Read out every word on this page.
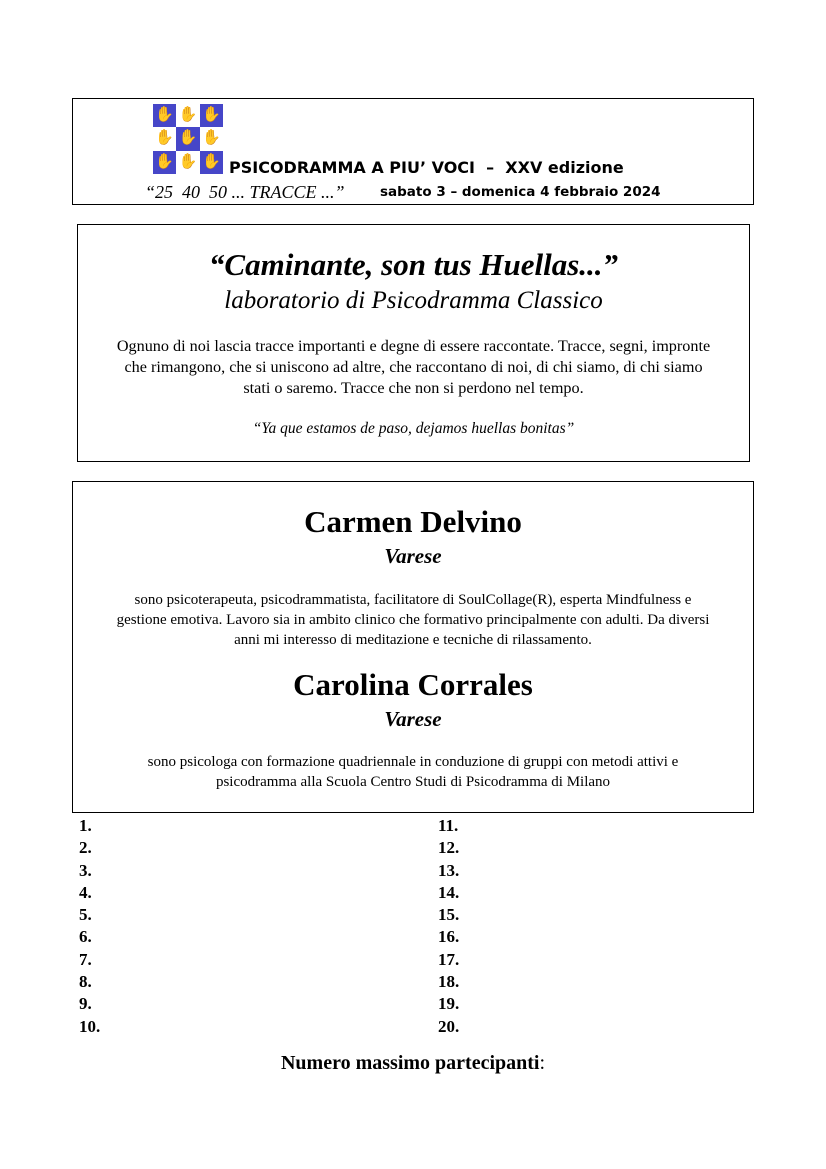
✋ ✋ ✋
✋ ✋ ✋
✋ ✋ ✋ PSICODRAMMA A PIU’ VOCI  –  XXV edizione
“25  40  50 ... TRACCE ...”	sabato 3 – domenica 4 febbraio 2024
“Caminante, son tus Huellas...”
laboratorio di Psicodramma Classico
Ognuno di noi lascia tracce importanti e degne di essere raccontate. Tracce, segni, impronte
che rimangono, che si uniscono ad altre, che raccontano di noi, di chi siamo, di chi siamo
stati o saremo. Tracce che non si perdono nel tempo.
“Ya que estamos de paso, dejamos huellas bonitas”
Carmen Delvino
Varese
sono psicoterapeuta, psicodrammatista, facilitatore di SoulCollage(R), esperta Mindfulness e
gestione emotiva. Lavoro sia in ambito clinico che formativo principalmente con adulti. Da diversi
anni mi interesso di meditazione e tecniche di rilassamento.
Carolina Corrales
Varese
sono psicologa con formazione quadriennale in conduzione di gruppi con metodi attivi e
psicodramma alla Scuola Centro Studi di Psicodramma di Milano
1.
2.
3.
4.
5.
6.
7.
8.
9.
10.
11.
12.
13.
14.
15.
16.
17.
18.
19.
20.
Numero massimo partecipanti:
